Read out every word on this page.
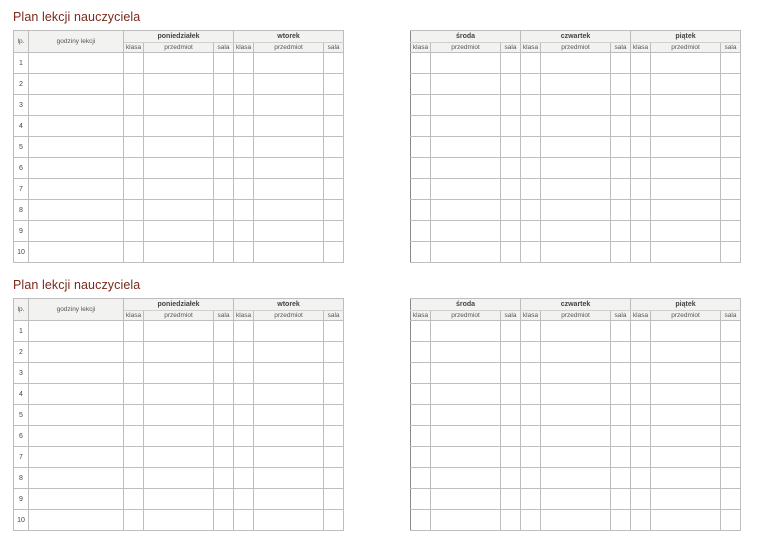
Plan lekcji nauczyciela
lp.	godziny lekcji	poniedziałek			wtorek		
		klasa	przedmiot	sala	klasa	przedmiot	sala
1							
2							
3							
4							
5							
6							
7							
8							
9							
10							
środa			czwartek			piątek		
klasa	przedmiot	sala	klasa	przedmiot	sala	klasa	przedmiot	sala

Plan lekcji nauczyciela
lp.	godziny lekcji	poniedziałek			wtorek		
		klasa	przedmiot	sala	klasa	przedmiot	sala
1							
2							
3							
4							
5							
6							
7							
8							
9							
10							
środa			czwartek			piątek		
klasa	przedmiot	sala	klasa	przedmiot	sala	klasa	przedmiot	sala
